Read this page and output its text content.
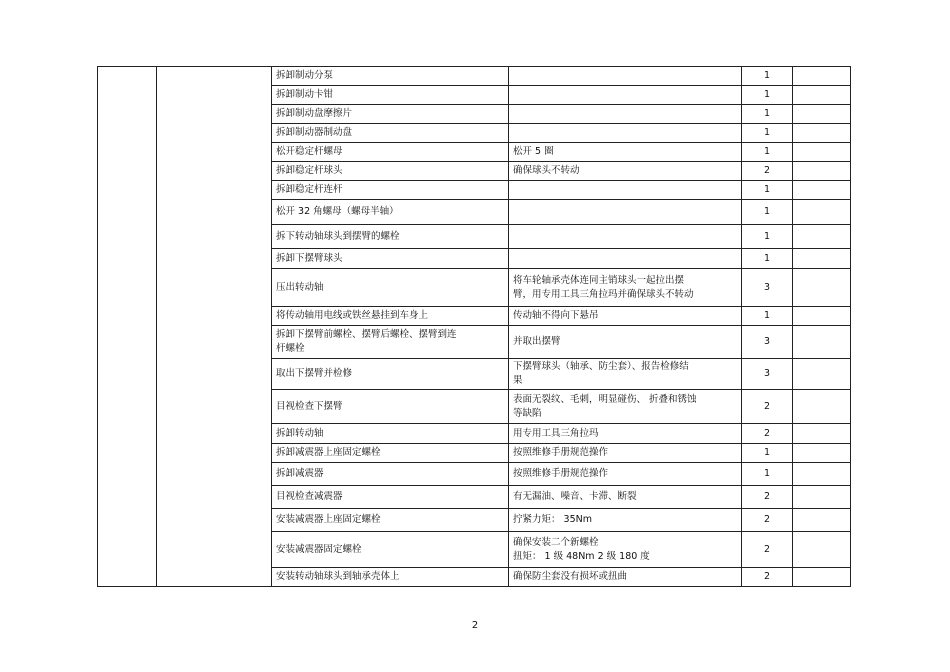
		拆卸制动分泵		1	
		拆卸制动卡钳		1	
		拆卸制动盘摩擦片		1	
		拆卸制动器制动盘		1	
		松开稳定杆螺母	松开 5 圈	1	
		拆卸稳定杆球头	确保球头不转动	2	
		拆卸稳定杆连杆		1	
		松开 32 角螺母（螺母半轴）		1	
		拆下转动轴球头到摆臂的螺栓		1	
		拆卸下摆臂球头		1	
		压出转动轴	将车轮轴承壳体连同主销球头一起拉出摆
臂，用专用工具三角拉玛并确保球头不转动	3	
		将传动轴用电线或铁丝悬挂到车身上	传动轴不得向下悬吊	1	

		拆卸下摆臂前螺栓、摆臂后螺栓、摆臂到连
杆螺栓	并取出摆臂	3	
		取出下摆臂并检修	下摆臂球头（轴承、防尘套）、报告检修结
果	3	
		目视检查下摆臂	表面无裂纹、毛刺，明显碰伤、 折叠和锈蚀
等缺陷	2	
		拆卸转动轴	用专用工具三角拉玛	2	
		拆卸减震器上座固定螺栓	按照维修手册规范操作	1	
		拆卸减震器	按照维修手册规范操作	1	
		目视检查减震器	有无漏油、噪音、卡滞、断裂	2	
		安装减震器上座固定螺栓	拧紧力矩： 35Nm	2	
		安装减震器固定螺栓	确保安装二个新螺栓
扭矩： 1 级 48Nm 2 级 180 度	2	
		安装转动轴球头到轴承壳体上	确保防尘套没有损坏或扭曲	2	
2
